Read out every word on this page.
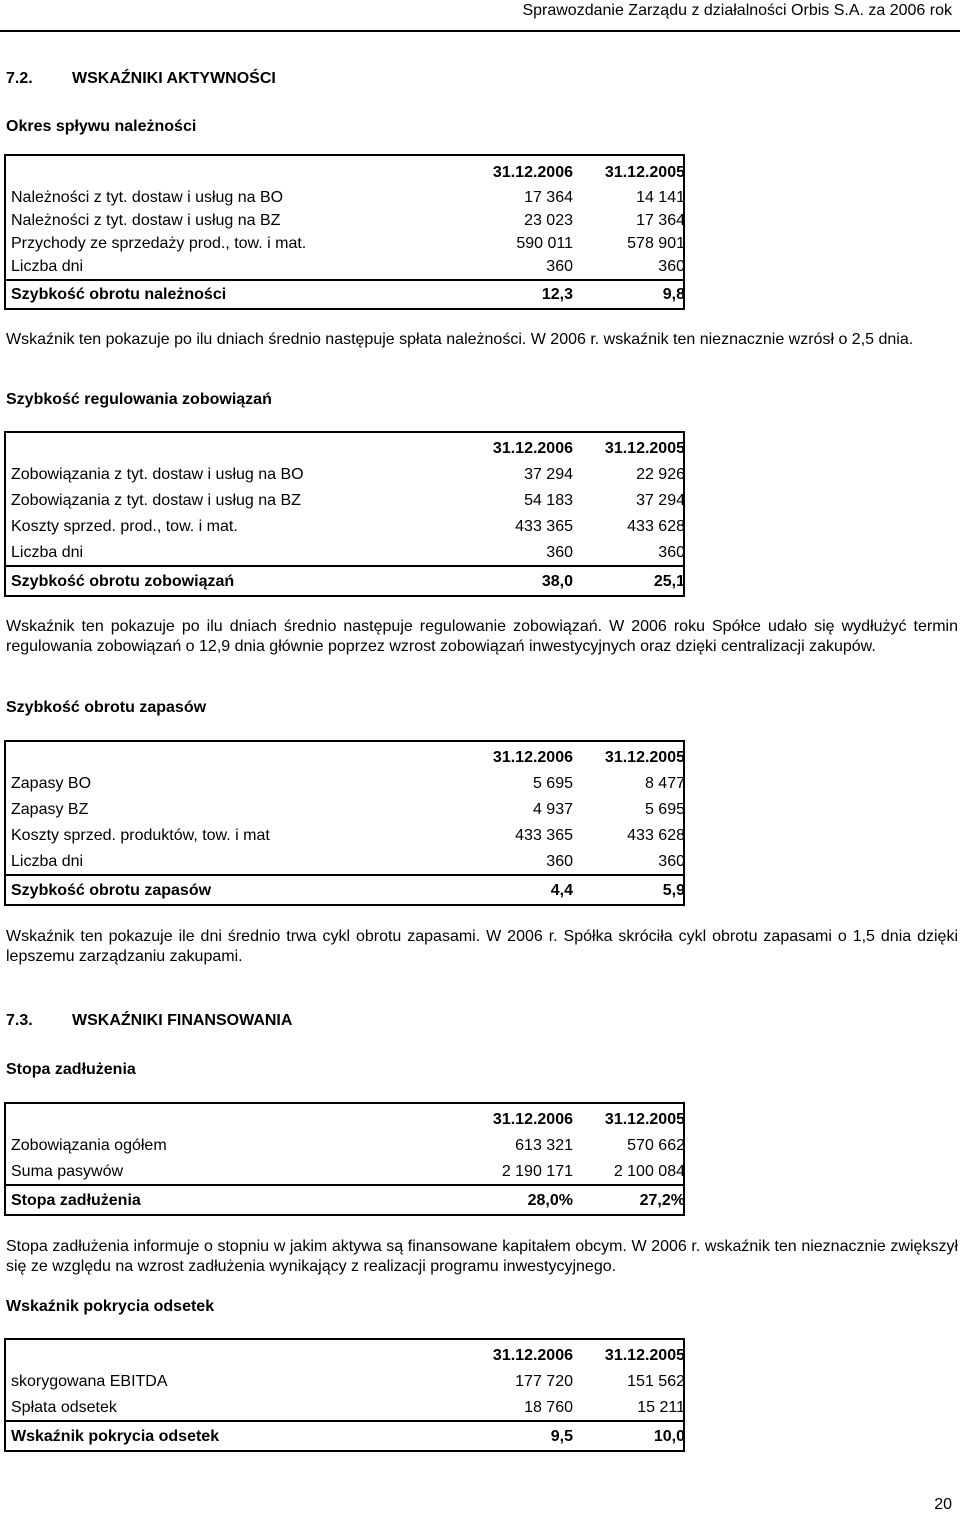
Sprawozdanie Zarządu z działalności Orbis S.A. za 2006 rok
7.2. WSKAŹNIKI AKTYWNOŚCI
Okres spływu należności
	31.12.2006	31.12.2005
Należności z tyt. dostaw i usług na BO	17 364	14 141
Należności z tyt. dostaw i usług na BZ	23 023	17 364
Przychody ze sprzedaży prod., tow. i mat.	590 011	578 901
Liczba dni	360	360
Szybkość obrotu należności	12,3	9,8
Wskaźnik ten pokazuje po ilu dniach średnio następuje spłata należności. W 2006 r. wskaźnik ten nieznacznie wzrósł o 2,5 dnia.
Szybkość regulowania zobowiązań
	31.12.2006	31.12.2005
Zobowiązania z tyt. dostaw i usług na BO	37 294	22 926
Zobowiązania z tyt. dostaw i usług na BZ	54 183	37 294
Koszty sprzed. prod., tow. i mat.	433 365	433 628
Liczba dni	360	360
Szybkość obrotu zobowiązań	38,0	25,1
Wskaźnik ten pokazuje po ilu dniach średnio następuje regulowanie zobowiązań. W 2006 roku Spółce udało się wydłużyć termin regulowania zobowiązań o 12,9 dnia głównie poprzez wzrost zobowiązań inwestycyjnych oraz dzięki centralizacji zakupów.
Szybkość obrotu zapasów
	31.12.2006	31.12.2005
Zapasy BO	5 695	8 477
Zapasy BZ	4 937	5 695
Koszty sprzed. produktów, tow. i mat	433 365	433 628
Liczba dni	360	360
Szybkość obrotu zapasów	4,4	5,9
Wskaźnik ten pokazuje ile dni średnio trwa cykl obrotu zapasami. W 2006 r. Spółka skróciła cykl obrotu zapasami o 1,5 dnia dzięki lepszemu zarządzaniu zakupami.
7.3. WSKAŹNIKI FINANSOWANIA
Stopa zadłużenia
	31.12.2006	31.12.2005
Zobowiązania ogółem	613 321	570 662
Suma pasywów	2 190 171	2 100 084
Stopa zadłużenia	28,0%	27,2%
Stopa zadłużenia informuje o stopniu w jakim aktywa są finansowane kapitałem obcym. W 2006 r. wskaźnik ten nieznacznie zwiększył się ze względu na wzrost zadłużenia wynikający z realizacji programu inwestycyjnego.
Wskaźnik pokrycia odsetek
	31.12.2006	31.12.2005
skorygowana EBITDA	177 720	151 562
Spłata odsetek	18 760	15 211
Wskaźnik pokrycia odsetek	9,5	10,0
20
